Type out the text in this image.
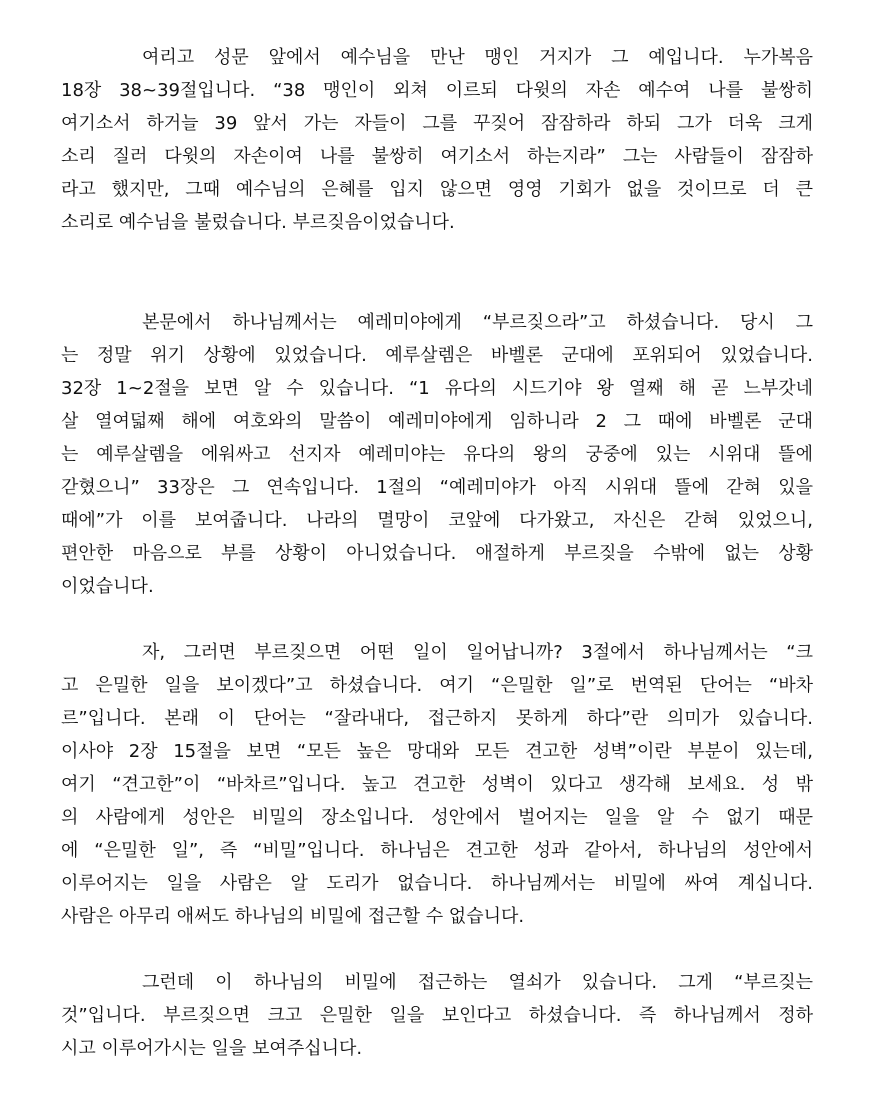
여리고 성문 앞에서 예수님을 만난 맹인 거지가 그 예입니다. 누가복음
18장 38~39절입니다. “38 맹인이 외쳐 이르되 다윗의 자손 예수여 나를 불쌍히
여기소서 하거늘 39 앞서 가는 자들이 그를 꾸짖어 잠잠하라 하되 그가 더욱 크게
소리 질러 다윗의 자손이여 나를 불쌍히 여기소서 하는지라” 그는 사람들이 잠잠하
라고 했지만, 그때 예수님의 은혜를 입지 않으면 영영 기회가 없을 것이므로 더 큰
소리로 예수님을 불렀습니다. 부르짖음이었습니다.
본문에서 하나님께서는 예레미야에게 “부르짖으라”고 하셨습니다. 당시 그
는 정말 위기 상황에 있었습니다. 예루살렘은 바벨론 군대에 포위되어 있었습니다.
32장 1~2절을 보면 알 수 있습니다. “1 유다의 시드기야 왕 열째 해 곧 느부갓네
살 열여덟째 해에 여호와의 말씀이 예레미야에게 임하니라 2 그 때에 바벨론 군대
는 예루살렘을 에워싸고 선지자 예레미야는 유다의 왕의 궁중에 있는 시위대 뜰에
갇혔으니” 33장은 그 연속입니다. 1절의 “예레미야가 아직 시위대 뜰에 갇혀 있을
때에”가 이를 보여줍니다. 나라의 멸망이 코앞에 다가왔고, 자신은 갇혀 있었으니,
편안한 마음으로 부를 상황이 아니었습니다. 애절하게 부르짖을 수밖에 없는 상황
이었습니다.
자, 그러면 부르짖으면 어떤 일이 일어납니까? 3절에서 하나님께서는 “크
고 은밀한 일을 보이겠다”고 하셨습니다. 여기 “은밀한 일”로 번역된 단어는 “바차
르”입니다. 본래 이 단어는 “잘라내다, 접근하지 못하게 하다”란 의미가 있습니다.
이사야 2장 15절을 보면 “모든 높은 망대와 모든 견고한 성벽”이란 부분이 있는데,
여기 “견고한”이 “바차르”입니다. 높고 견고한 성벽이 있다고 생각해 보세요. 성 밖
의 사람에게 성안은 비밀의 장소입니다. 성안에서 벌어지는 일을 알 수 없기 때문
에 “은밀한 일”, 즉 “비밀”입니다. 하나님은 견고한 성과 같아서, 하나님의 성안에서
이루어지는 일을 사람은 알 도리가 없습니다. 하나님께서는 비밀에 싸여 계십니다.
사람은 아무리 애써도 하나님의 비밀에 접근할 수 없습니다.
그런데 이 하나님의 비밀에 접근하는 열쇠가 있습니다. 그게 “부르짖는
것”입니다. 부르짖으면 크고 은밀한 일을 보인다고 하셨습니다. 즉 하나님께서 정하
시고 이루어가시는 일을 보여주십니다.
